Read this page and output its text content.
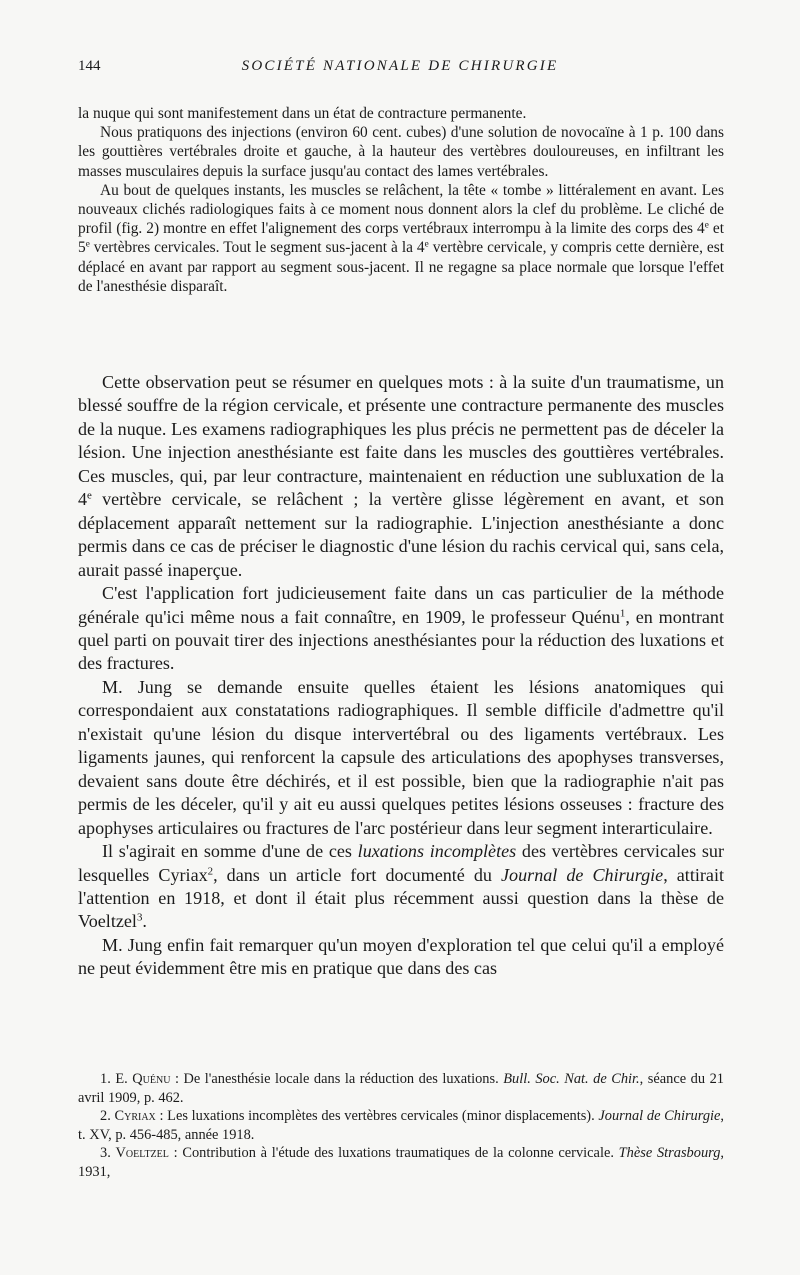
144	SOCIÉTÉ NATIONALE DE CHIRURGIE

la nuque qui sont manifestement dans un état de contracture permanente.

Nous pratiquons des injections (environ 60 cent. cubes) d'une solution de novocaïne à 1 p. 100 dans les gouttières vertébrales droite et gauche, à la hauteur des vertèbres douloureuses, en infiltrant les masses musculaires depuis la surface jusqu'au contact des lames vertébrales.

Au bout de quelques instants, les muscles se relâchent, la tête « tombe » littéralement en avant. Les nouveaux clichés radiologiques faits à ce moment nous donnent alors la clef du problème. Le cliché de profil (fig. 2) montre en effet l'alignement des corps vertébraux interrompu à la limite des corps des 4e et 5e vertèbres cervicales. Tout le segment sus-jacent à la 4e vertèbre cervicale, y compris cette dernière, est déplacé en avant par rapport au segment sous-jacent. Il ne regagne sa place normale que lorsque l'effet de l'anesthésie disparaît.

Cette observation peut se résumer en quelques mots : à la suite d'un traumatisme, un blessé souffre de la région cervicale, et présente une contracture permanente des muscles de la nuque. Les examens radiographiques les plus précis ne permettent pas de déceler la lésion. Une injection anesthésiante est faite dans les muscles des gouttières vertébrales. Ces muscles, qui, par leur contracture, maintenaient en réduction une subluxation de la 4e vertèbre cervicale, se relâchent ; la vertère glisse légèrement en avant, et son déplacement apparaît nettement sur la radiographie. L'injection anesthésiante a donc permis dans ce cas de préciser le diagnostic d'une lésion du rachis cervical qui, sans cela, aurait passé inaperçue.

C'est l'application fort judicieusement faite dans un cas particulier de la méthode générale qu'ici même nous a fait connaître, en 1909, le professeur Quénu$^1$, en montrant quel parti on pouvait tirer des injections anesthésiantes pour la réduction des luxations et des fractures.

M. Jung se demande ensuite quelles étaient les lésions anatomiques qui correspondaient aux constatations radiographiques. Il semble difficile d'admettre qu'il n'existait qu'une lésion du disque intervertébral ou des ligaments vertébraux. Les ligaments jaunes, qui renforcent la capsule des articulations des apophyses transverses, devaient sans doute être déchirés, et il est possible, bien que la radiographie n'ait pas permis de les déceler, qu'il y ait eu aussi quelques petites lésions osseuses : fracture des apophyses articulaires ou fractures de l'arc postérieur dans leur segment interarticulaire.

Il s'agirait en somme d'une de ces luxations incomplètes des vertèbres cervicales sur lesquelles Cyriax$^2$, dans un article fort documenté du Journal de Chirurgie, attirait l'attention en 1918, et dont il était plus récemment aussi question dans la thèse de Voeltzel$^3$.

M. Jung enfin fait remarquer qu'un moyen d'exploration tel que celui qu'il a employé ne peut évidemment être mis en pratique que dans des cas

1. E. Quénu : De l'anesthésie locale dans la réduction des luxations. Bull. Soc. Nat. de Chir., séance du 21 avril 1909, p. 462.

2. Cyriax : Les luxations incomplètes des vertèbres cervicales (minor displacements). Journal de Chirurgie, t. XV, p. 456-485, année 1918.

3. Voeltzel : Contribution à l'étude des luxations traumatiques de la colonne cervicale. Thèse Strasbourg, 1931,
